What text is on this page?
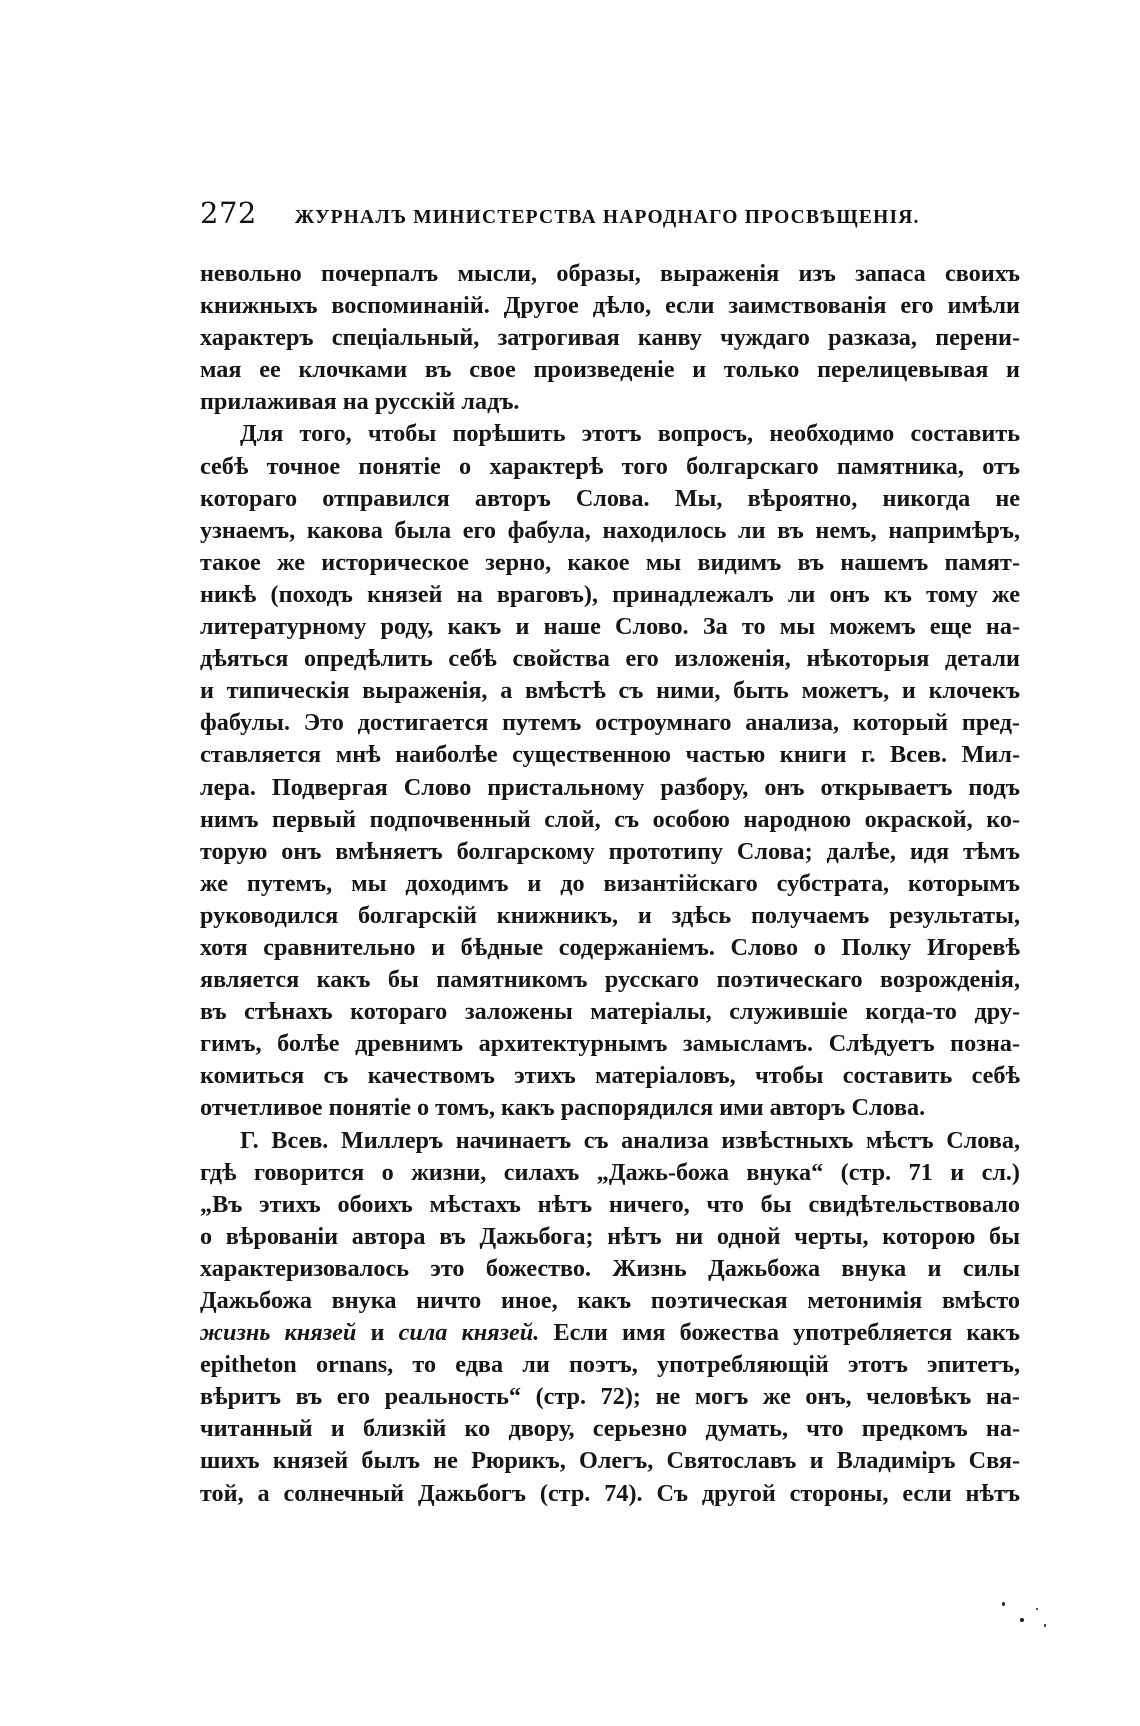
272 ЖУРНАЛЪ МИНИСТЕРСТВА НАРОДНАГО ПРОСВѢЩЕНІЯ.
невольно почерпалъ мысли, образы, выраженія изъ запаса своихъ
книжныхъ воспоминаній. Другое дѣло, если заимствованія его имѣли
характеръ спеціальный, затрогивая канву чуждаго разказа, перени-
мая ее клочками въ свое произведеніе и только перелицевывая и
прилаживая на русскій ладъ.
Для того, чтобы порѣшить этотъ вопросъ, необходимо составить
себѣ точное понятіе о характерѣ того болгарскаго памятника, отъ
котораго отправился авторъ Слова. Мы, вѣроятно, никогда не
узнаемъ, какова была его фабула, находилось ли въ немъ, напримѣръ,
такое же историческое зерно, какое мы видимъ въ нашемъ памят-
никѣ (походъ князей на враговъ), принадлежалъ ли онъ къ тому же
литературному роду, какъ и наше Слово. За то мы можемъ еще на-
дѣяться опредѣлить себѣ свойства его изложенія, нѣкоторыя детали
и типическія выраженія, а вмѣстѣ съ ними, быть можетъ, и клочекъ
фабулы. Это достигается путемъ остроумнаго анализа, который пред-
ставляется мнѣ наиболѣе существенною частью книги г. Всев. Мил-
лера. Подвергая Слово пристальному разбору, онъ открываетъ подъ
нимъ первый подпочвенный слой, съ особою народною окраской, ко-
торую онъ вмѣняетъ болгарскому прототипу Слова; далѣе, идя тѣмъ
же путемъ, мы доходимъ и до византійскаго субстрата, которымъ
руководился болгарскій книжникъ, и здѣсь получаемъ результаты,
хотя сравнительно и бѣдные содержаніемъ. Слово о Полку Игоревѣ
является какъ бы памятникомъ русскаго поэтическаго возрожденія,
въ стѣнахъ котораго заложены матеріалы, служившіе когда-то дру-
гимъ, болѣе древнимъ архитектурнымъ замысламъ. Слѣдуетъ позна-
комиться съ качествомъ этихъ матеріаловъ, чтобы составить себѣ
отчетливое понятіе о томъ, какъ распорядился ими авторъ Слова.
Г. Всев. Миллеръ начинаетъ съ анализа извѣстныхъ мѣстъ Слова,
гдѣ говорится о жизни, силахъ „Дажь-божа внука“ (стр. 71 и сл.)
„Въ этихъ обоихъ мѣстахъ нѣтъ ничего, что бы свидѣтельствовало
о вѣрованіи автора въ Дажьбога; нѣтъ ни одной черты, которою бы
характеризовалось это божество. Жизнь Дажьбожа внука и силы
Дажьбожа внука ничто иное, какъ поэтическая метонимія вмѣсто
жизнь князей и сила князей. Если имя божества употребляется какъ
epitheton ornans, то едва ли поэтъ, употребляющій этотъ эпитетъ,
вѣритъ въ его реальность“ (стр. 72); не могъ же онъ, человѣкъ на-
читанный и близкій ко двору, серьезно думать, что предкомъ на-
шихъ князей былъ не Рюрикъ, Олегъ, Святославъ и Владиміръ Свя-
той, а солнечный Дажьбогъ (стр. 74). Съ другой стороны, если нѣтъ
